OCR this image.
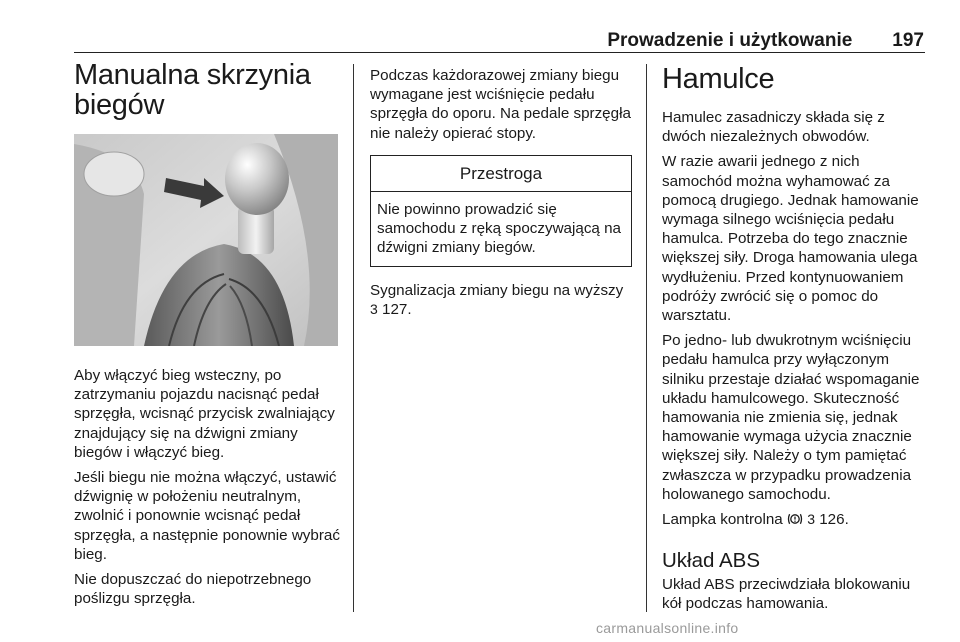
Prowadzenie i użytkowanie 197
Manualna skrzynia biegów

Aby włączyć bieg wsteczny, po zatrzymaniu pojazdu nacisnąć pedał sprzęgła, wcisnąć przycisk zwalniający znajdujący się na dźwigni zmiany biegów i włączyć bieg.

Jeśli biegu nie można włączyć, ustawić dźwignię w położeniu neutralnym, zwolnić i ponownie wcisnąć pedał sprzęgła, a następnie ponownie wybrać bieg.

Nie dopuszczać do niepotrzebnego poślizgu sprzęgła.

Podczas każdorazowej zmiany biegu wymagane jest wciśnięcie pedału sprzęgła do oporu. Na pedale sprzęgła nie należy opierać stopy.

Przestroga
Nie powinno prowadzić się samochodu z ręką spoczywającą na dźwigni zmiany biegów.

Sygnalizacja zmiany biegu na wyższy
3 127.

Hamulce

Hamulec zasadniczy składa się z dwóch niezależnych obwodów.

W razie awarii jednego z nich samochód można wyhamować za pomocą drugiego. Jednak hamowanie wymaga silnego wciśnięcia pedału hamulca. Potrzeba do tego znacznie większej siły. Droga hamowania ulega wydłużeniu. Przed kontynuowaniem podróży zwrócić się o pomoc do warsztatu.

Po jedno- lub dwukrotnym wciśnięciu pedału hamulca przy wyłączonym silniku przestaje działać wspomaganie układu hamulcowego. Skuteczność hamowania nie zmienia się, jednak hamowanie wymaga użycia znacznie większej siły. Należy o tym pamiętać zwłaszcza w przypadku prowadzenia holowanego samochodu.

Lampka kontrolna 3 126.

Układ ABS

Układ ABS przeciwdziała blokowaniu kół podczas hamowania.

carmanualsonline.info
